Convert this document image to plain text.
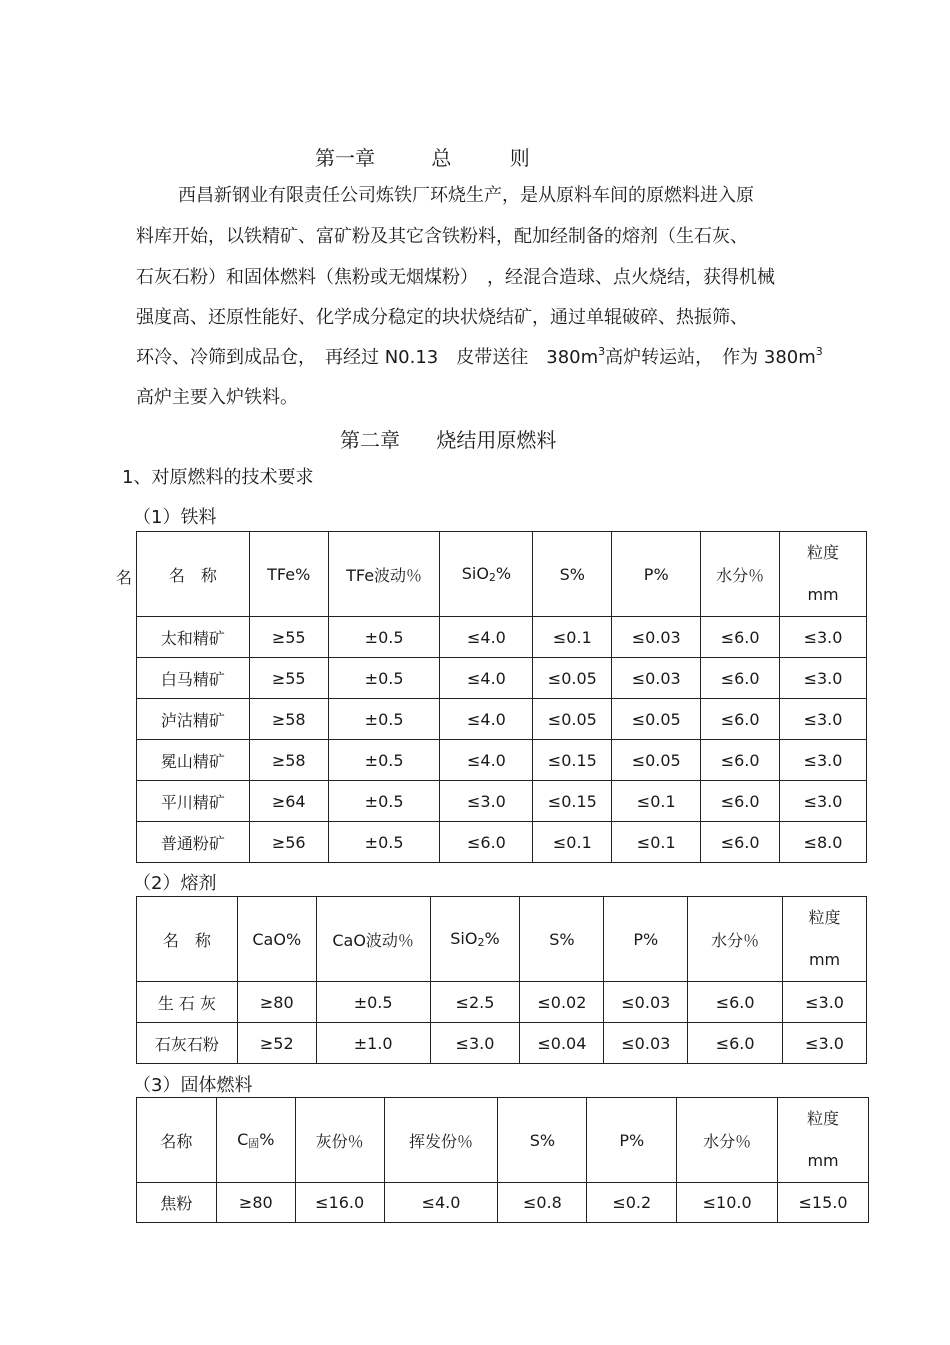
第一章	总	则
西昌新钢业有限责任公司炼铁厂环烧生产，是从原料车间的原燃料进入原
料库开始，以铁精矿、富矿粉及其它含铁粉料，配加经制备的熔剂（生石灰、
石灰石粉）和固体燃料（焦粉或无烟煤粉）　，经混合造球、点火烧结，获得机械
强度高、还原性能好、化学成分稳定的块状烧结矿，通过单辊破碎、热振筛、
环冷、冷筛到成品仓，　再经过 N0.13　皮带送往　$380m^3$高炉转运站，　作为 $380m^3$
高炉主要入炉铁料。
第二章 烧结用原燃料
1、对原燃料的技术要求
（1）铁料
名 名　称	TFe%	TFe波动％	SiO$_2$%	S%	P%	水分％	粒度
mm
太和精矿	≥55	±0.5	≤4.0	≤0.1	≤0.03	≤6.0	≤3.0
白马精矿	≥55	±0.5	≤4.0	≤0.05	≤0.03	≤6.0	≤3.0
泸沽精矿	≥58	±0.5	≤4.0	≤0.05	≤0.05	≤6.0	≤3.0
冕山精矿	≥58	±0.5	≤4.0	≤0.15	≤0.05	≤6.0	≤3.0
平川精矿	≥64	±0.5	≤3.0	≤0.15	≤0.1	≤6.0	≤3.0
普通粉矿	≥56	±0.5	≤6.0	≤0.1	≤0.1	≤6.0	≤8.0
（2）熔剂
名　称	CaO%	CaO波动％	SiO$_2$%	S%	P%	水分％	粒度
mm
生 石 灰	≥80	±0.5	≤2.5	≤0.02	≤0.03	≤6.0	≤3.0
石灰石粉	≥52	±1.0	≤3.0	≤0.04	≤0.03	≤6.0	≤3.0
（3）固体燃料
名称	$C_固\%$	灰份％	挥发份％	S%	P%	水分％	粒度
mm
焦粉	≥80	≤16.0	≤4.0	≤0.8	≤0.2	≤10.0	≤15.0
